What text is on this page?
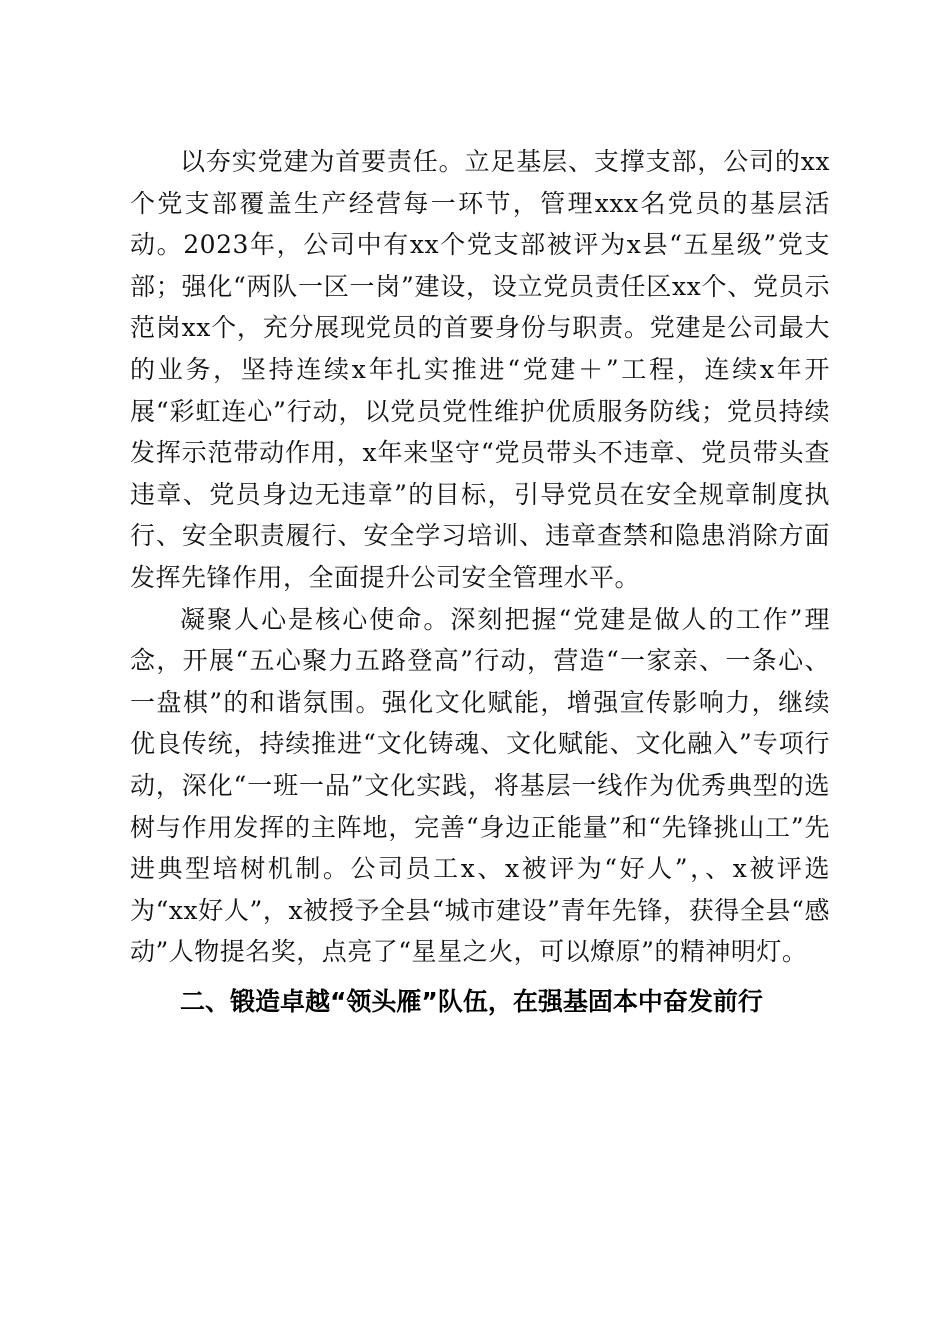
以夯实党建为首要责任。立足基层、支撑支部，公司的xx个党支部覆盖生产经营每一环节，管理xxx名党员的基层活动。2023年，公司中有xx个党支部被评为x县“五星级”党支部；强化“两队一区一岗”建设，设立党员责任区xx个、党员示范岗xx个，充分展现党员的首要身份与职责。党建是公司最大的业务，坚持连续x年扎实推进“党建＋”工程，连续x年开展“彩虹连心”行动，以党员党性维护优质服务防线；党员持续发挥示范带动作用，x年来坚守“党员带头不违章、党员带头查违章、党员身边无违章”的目标，引导党员在安全规章制度执行、安全职责履行、安全学习培训、违章查禁和隐患消除方面发挥先锋作用，全面提升公司安全管理水平。

凝聚人心是核心使命。深刻把握“党建是做人的工作”理念，开展“五心聚力五路登高”行动，营造“一家亲、一条心、一盘棋”的和谐氛围。强化文化赋能，增强宣传影响力，继续优良传统，持续推进“文化铸魂、文化赋能、文化融入”专项行动，深化“一班一品”文化实践，将基层一线作为优秀典型的选树与作用发挥的主阵地，完善“身边正能量”和“先锋挑山工”先进典型培树机制。公司员工x、x被评为“好人”，、x被评选为“xx好人”，x被授予全县“城市建设”青年先锋，获得全县“感动”人物提名奖，点亮了“星星之火，可以燎原”的精神明灯。

二、锻造卓越“领头雁”队伍，在强基固本中奋发前行
